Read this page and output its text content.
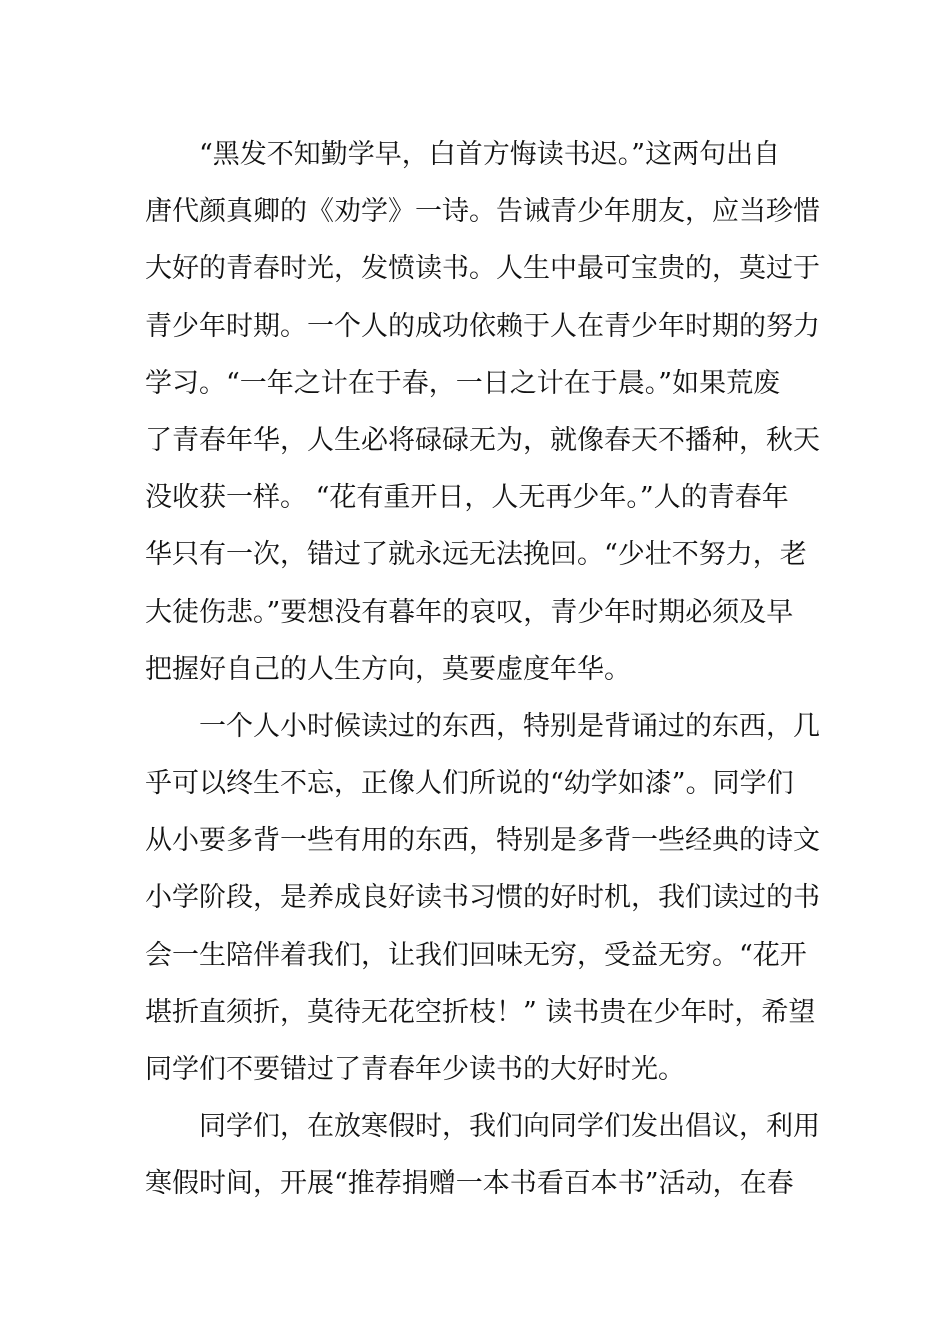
“黑发不知勤学早，白首方悔读书迟。”这两句出自
唐代颜真卿的《劝学》一诗。告诫青少年朋友，应当珍惜
大好的青春时光，发愤读书。人生中最可宝贵的，莫过于
青少年时期。一个人的成功依赖于人在青少年时期的努力
学习。“一年之计在于春，一日之计在于晨。”如果荒废
了青春年华，人生必将碌碌无为，就像春天不播种，秋天
没收获一样。 “花有重开日，人无再少年。”人的青春年
华只有一次，错过了就永远无法挽回。“少壮不努力，老
大徒伤悲。”要想没有暮年的哀叹，青少年时期必须及早
把握好自己的人生方向，莫要虚度年华。
一个人小时候读过的东西，特别是背诵过的东西，几
乎可以终生不忘，正像人们所说的“幼学如漆”。同学们
从小要多背一些有用的东西，特别是多背一些经典的诗文
小学阶段，是养成良好读书习惯的好时机，我们读过的书
会一生陪伴着我们，让我们回味无穷，受益无穷。“花开
堪折直须折，莫待无花空折枝！” 读书贵在少年时，希望
同学们不要错过了青春年少读书的大好时光。
同学们，在放寒假时，我们向同学们发出倡议，利用
寒假时间，开展“推荐捐赠一本书看百本书”活动，在春
